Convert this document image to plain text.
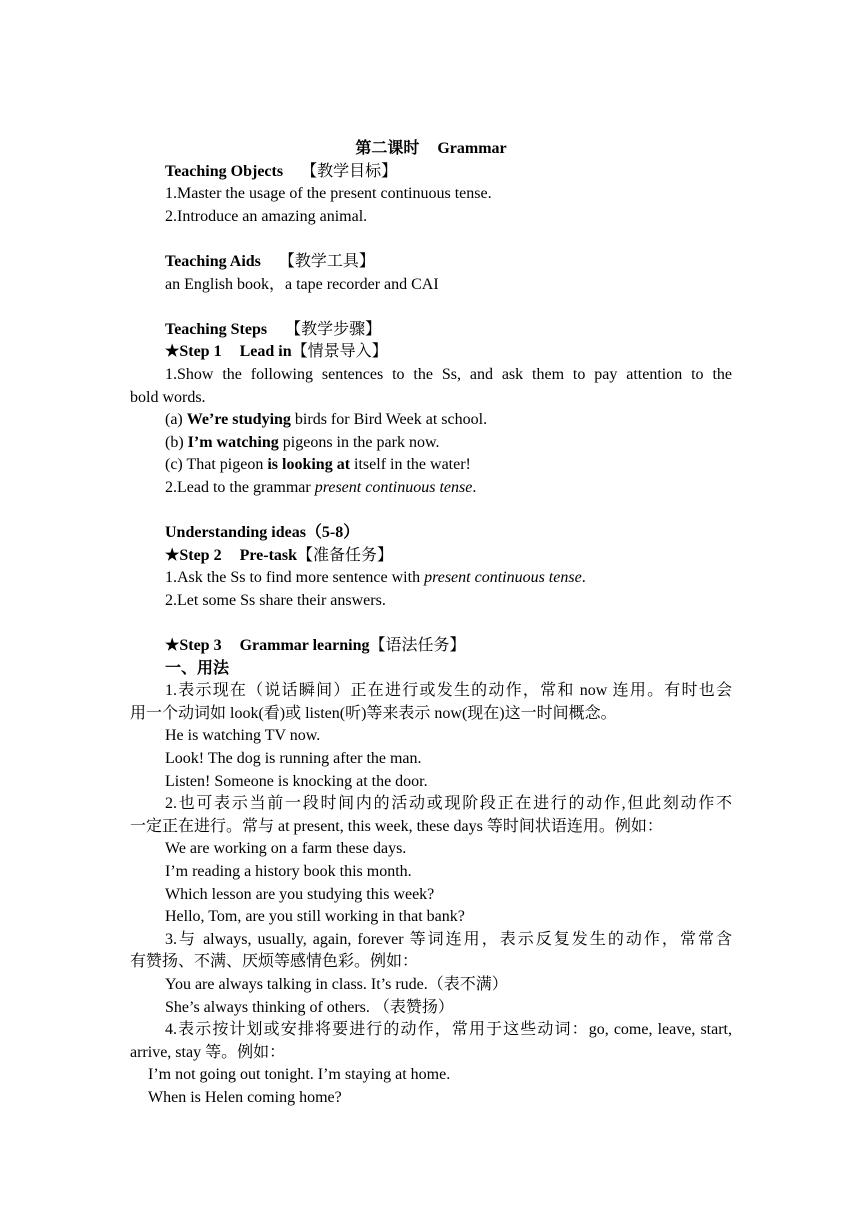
第二课时 Grammar
Teaching Objects 【教学目标】
1.Master the usage of the present continuous tense.
2.Introduce an amazing animal.
Teaching Aids 【教学工具】
an English book，a tape recorder and CAI
Teaching Steps 【教学步骤】
★Step 1 Lead in【情景导入】
1.Show the following sentences to the Ss, and ask them to pay attention to the
bold words.
(a) We’re studying birds for Bird Week at school.
(b) I’m watching pigeons in the park now.
(c) That pigeon is looking at itself in the water!
2.Lead to the grammar present continuous tense.
Understanding ideas（5-8）
★Step 2 Pre-task【准备任务】
1.Ask the Ss to find more sentence with present continuous tense.
2.Let some Ss share their answers.
★Step 3 Grammar learning【语法任务】
一、用法
1.表示现在（说话瞬间）正在进行或发生的动作，常和 now 连用。有时也会
用一个动词如 look(看)或 listen(听)等来表示 now(现在)这一时间概念。
He is watching TV now.
Look! The dog is running after the man.
Listen! Someone is knocking at the door.
2.也可表示当前一段时间内的活动或现阶段正在进行的动作,但此刻动作不
一定正在进行。常与 at present, this week, these days 等时间状语连用。例如：
We are working on a farm these days.
I’m reading a history book this month.
Which lesson are you studying this week?
Hello, Tom, are you still working in that bank?
3.与 always, usually, again, forever 等词连用，表示反复发生的动作，常常含
有赞扬、不满、厌烦等感情色彩。例如：
You are always talking in class. It’s rude.（表不满）
She’s always thinking of others. （表赞扬）
4.表示按计划或安排将要进行的动作，常用于这些动词：go, come, leave, start,
arrive, stay 等。例如：
I’m not going out tonight. I’m staying at home.
When is Helen coming home?
